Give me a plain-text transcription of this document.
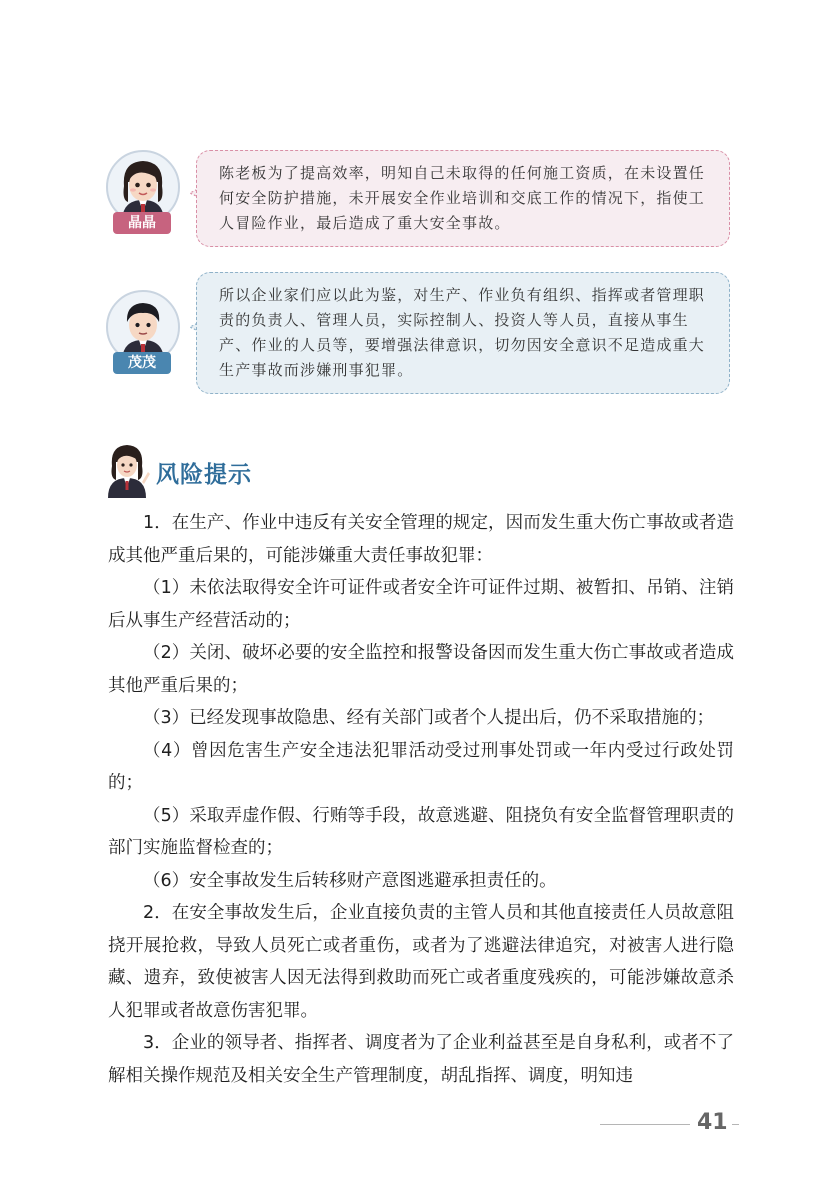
晶晶
陈老板为了提高效率，明知自己未取得的任何施工资质，在未设置任何安全防护措施，未开展安全作业培训和交底工作的情况下，指使工人冒险作业，最后造成了重大安全事故。
茂茂
所以企业家们应以此为鉴，对生产、作业负有组织、指挥或者管理职责的负责人、管理人员，实际控制人、投资人等人员，直接从事生产、作业的人员等，要增强法律意识，切勿因安全意识不足造成重大生产事故而涉嫌刑事犯罪。
风险提示

1．在生产、作业中违反有关安全管理的规定，因而发生重大伤亡事故或者造成其他严重后果的，可能涉嫌重大责任事故犯罪：

（1）未依法取得安全许可证件或者安全许可证件过期、被暂扣、吊销、注销后从事生产经营活动的；

（2）关闭、破坏必要的安全监控和报警设备因而发生重大伤亡事故或者造成其他严重后果的；

（3）已经发现事故隐患、经有关部门或者个人提出后，仍不采取措施的；

（4）曾因危害生产安全违法犯罪活动受过刑事处罚或一年内受过行政处罚的；

（5）采取弄虚作假、行贿等手段，故意逃避、阻挠负有安全监督管理职责的部门实施监督检查的；

（6）安全事故发生后转移财产意图逃避承担责任的。

2．在安全事故发生后，企业直接负责的主管人员和其他直接责任人员故意阻挠开展抢救，导致人员死亡或者重伤，或者为了逃避法律追究，对被害人进行隐藏、遗弃，致使被害人因无法得到救助而死亡或者重度残疾的，可能涉嫌故意杀人犯罪或者故意伤害犯罪。

3．企业的领导者、指挥者、调度者为了企业利益甚至是自身私利，或者不了解相关操作规范及相关安全生产管理制度，胡乱指挥、调度，明知违

41
